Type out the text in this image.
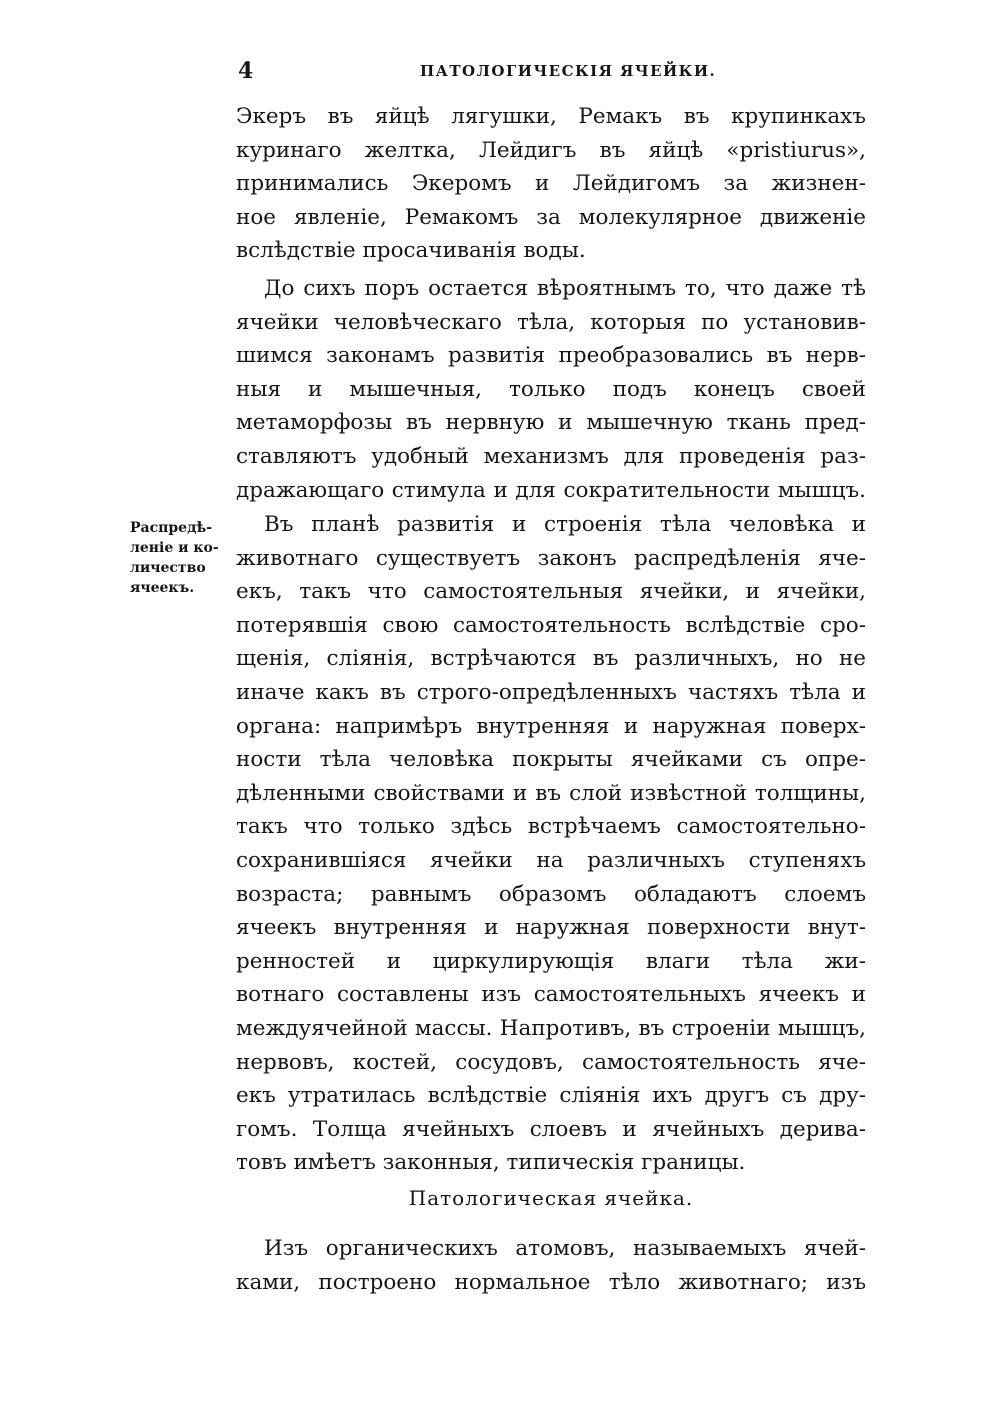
4	ПАТОЛОГИЧЕСКІЯ ЯЧЕЙКИ.
Экеръ въ яйцѣ лягушки, Ремакъ въ крупинкахъ
куринаго желтка, Лейдигъ въ яйцѣ «pristiurus»,
принимались Экеромъ и Лейдигомъ за жизнен-
ное явленіе, Ремакомъ за молекулярное движеніе
вслѣдствіе просачиванія воды.
До сихъ поръ остается вѣроятнымъ то, что даже тѣ
ячейки человѣческаго тѣла, которыя по установив-
шимся законамъ развитія преобразовались въ нерв-
ныя и мышечныя, только подъ конецъ своей
метаморфозы въ нервную и мышечную ткань пред-
ставляютъ удобный механизмъ для проведенія раз-
дражающаго стимула и для сократительности мышцъ.
Распредѣ-
леніе и ко-
личество
ячеекъ.
Въ планѣ развитія и строенія тѣла человѣка и
животнаго существуетъ законъ распредѣленія яче-
екъ, такъ что самостоятельныя ячейки, и ячейки,
потерявшія свою самостоятельность вслѣдствіе сро-
щенія, сліянія, встрѣчаются въ различныхъ, но не
иначе какъ въ строго-опредѣленныхъ частяхъ тѣла и
органа: напримѣръ внутренняя и наружная поверх-
ности тѣла человѣка покрыты ячейками съ опре-
дѣленными свойствами и въ слой извѣстной толщины,
такъ что только здѣсь встрѣчаемъ самостоятельно-
сохранившіяся ячейки на различныхъ ступеняхъ
возраста; равнымъ образомъ обладаютъ слоемъ
ячеекъ внутренняя и наружная поверхности внут-
ренностей и циркулирующія влаги тѣла жи-
вотнаго составлены изъ самостоятельныхъ ячеекъ и
междуячейной массы. Напротивъ, въ строеніи мышцъ,
нервовъ, костей, сосудовъ, самостоятельность яче-
екъ утратилась вслѣдствіе сліянія ихъ другъ съ дру-
гомъ. Толща ячейныхъ слоевъ и ячейныхъ дерива-
товъ имѣетъ законныя, типическія границы.
Патологическая ячейка.
Изъ органическихъ атомовъ, называемыхъ ячей-
ками, построено нормальное тѣло животнаго; изъ
